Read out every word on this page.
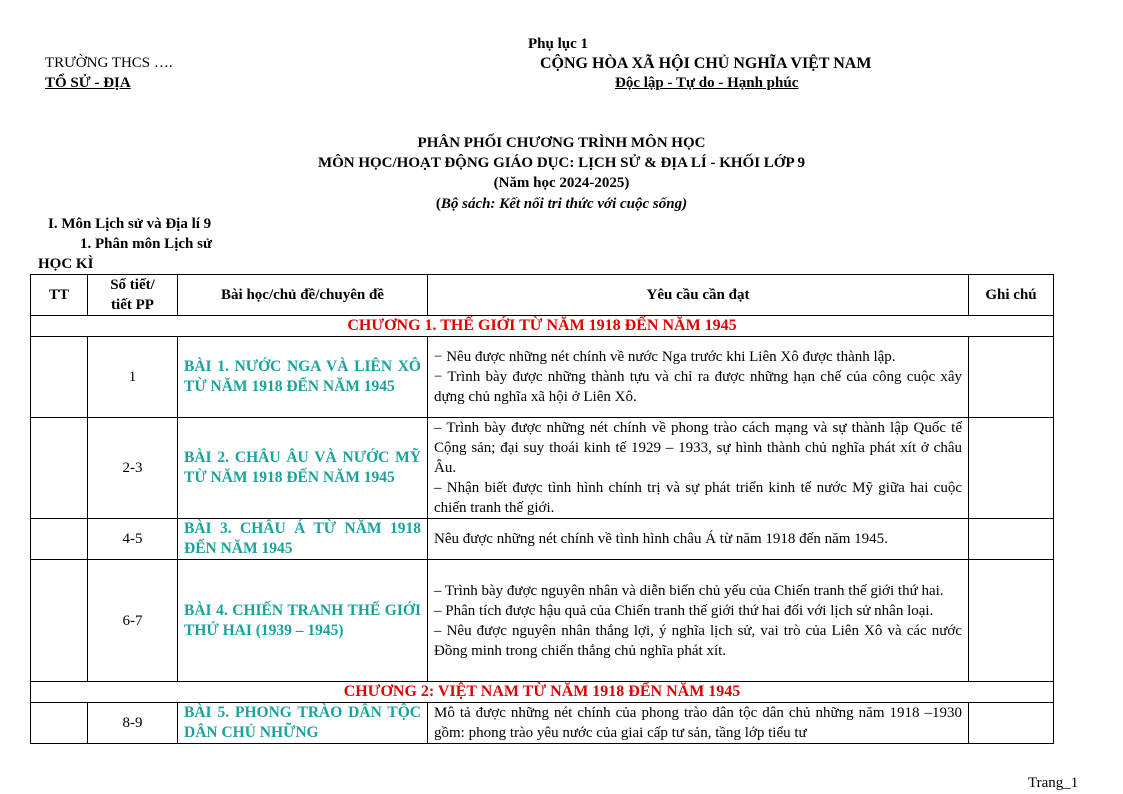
Phụ lục 1
TRƯỜNG THCS ….
TỔ SỬ - ĐỊA
CỘNG HÒA XÃ HỘI CHỦ NGHĨA VIỆT NAM
Độc lập - Tự do - Hạnh phúc
PHÂN PHỐI CHƯƠNG TRÌNH MÔN HỌC
MÔN HỌC/HOẠT ĐỘNG GIÁO DỤC: LỊCH SỬ & ĐỊA LÍ - KHỐI LỚP 9
(Năm học 2024-2025)
(Bộ sách: Kết nối tri thức với cuộc sống)
I. Môn Lịch sử và Địa lí 9
1. Phân môn Lịch sử
HỌC KÌ
TT	Số tiết/
tiết PP	Bài học/chủ đề/chuyên đề	Yêu cầu cần đạt	Ghi chú
CHƯƠNG 1. THẾ GIỚI TỪ NĂM 1918 ĐẾN NĂM 1945				
	1	BÀI 1. NƯỚC NGA VÀ LIÊN XÔ TỪ NĂM 1918 ĐẾN NĂM 1945	− Nêu được những nét chính về nước Nga trước khi Liên Xô được thành lập.
− Trình bày được những thành tựu và chỉ ra được những hạn chế của công cuộc xây dựng chủ nghĩa xã hội ở Liên Xô.	

	2-3	BÀI 2. CHÂU ÂU VÀ NƯỚC MỸ TỪ NĂM 1918 ĐẾN NĂM 1945	– Trình bày được những nét chính về phong trào cách mạng và sự thành lập Quốc tế Cộng sản; đại suy thoái kinh tế 1929 – 1933, sự hình thành chủ nghĩa phát xít ở châu Âu.
– Nhận biết được tình hình chính trị và sự phát triển kinh tế nước Mỹ giữa hai cuộc chiến tranh thế giới.	

	4-5	BÀI 3. CHÂU Á TỪ NĂM 1918 ĐẾN NĂM 1945	Nêu được những nét chính về tình hình châu Á từ năm 1918 đến năm 1945.	

	6-7	BÀI 4. CHIẾN TRANH THẾ GIỚI THỨ HAI (1939 – 1945)	– Trình bày được nguyên nhân và diễn biến chủ yếu của Chiến tranh thế giới thứ hai.
– Phân tích được hậu quả của Chiến tranh thế giới thứ hai đối với lịch sử nhân loại.
– Nêu được nguyên nhân thắng lợi, ý nghĩa lịch sử, vai trò của Liên Xô và các nước Đồng minh trong chiến thắng chủ nghĩa phát xít.	

CHƯƠNG 2: VIỆT NAM TỪ NĂM 1918 ĐẾN NĂM 1945				
	8-9	BÀI 5. PHONG TRÀO DÂN TỘC DÂN CHỦ NHỮNG	Mô tả được những nét chính của phong trào dân tộc dân chủ những năm 1918 –1930 gồm: phong trào yêu nước của giai cấp tư sản, tầng lớp tiểu tư	

Trang_1
